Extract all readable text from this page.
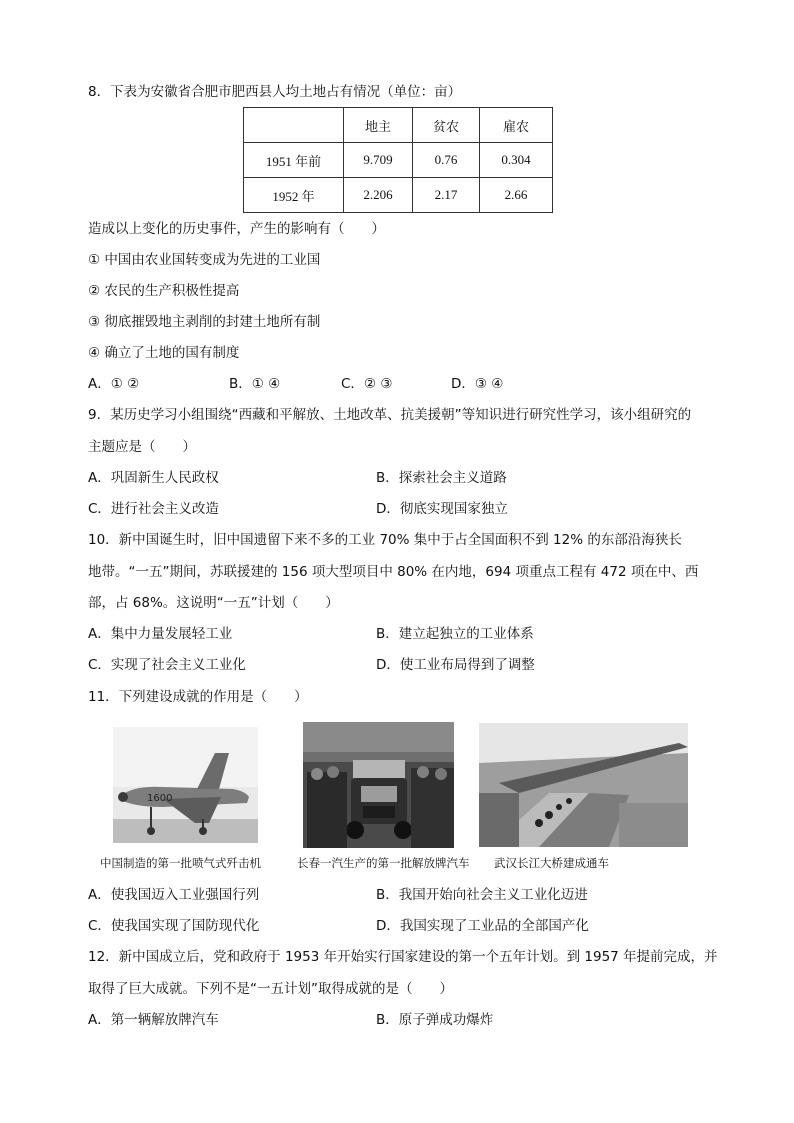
8．下表为安徽省合肥市肥西县人均土地占有情况（单位：亩）
	地主	贫农	雇农
1951 年前	9.709	0.76	0.304
1952 年	2.206	2.17	2.66
造成以上变化的历史事件，产生的影响有（　　）
① 中国由农业国转变成为先进的工业国
② 农民的生产积极性提高
③ 彻底摧毁地主剥削的封建土地所有制
④ 确立了土地的国有制度
A．① ②	B．① ④	C．② ③	D．③ ④
9．某历史学习小组围绕“西藏和平解放、土地改革、抗美援朝”等知识进行研究性学习，该小组研究的
主题应是（　　）
A．巩固新生人民政权	B．探索社会主义道路
C．进行社会主义改造	D．彻底实现国家独立
10．新中国诞生时，旧中国遗留下来不多的工业 70% 集中于占全国面积不到 12% 的东部沿海狭长
地带。“一五”期间，苏联援建的 156 项大型项目中 80% 在内地，694 项重点工程有 472 项在中、西
部，占 68%。这说明“一五”计划（　　）
A．集中力量发展轻工业	B．建立起独立的工业体系
C．实现了社会主义工业化	D．使工业布局得到了调整
11．下列建设成就的作用是（　　）
1600
中国制造的第一批喷气式歼击机	长春一汽生产的第一批解放牌汽车 武汉长江大桥建成通车
A．使我国迈入工业强国行列	B．我国开始向社会主义工业化迈进
C．使我国实现了国防现代化	D．我国实现了工业品的全部国产化
12．新中国成立后，党和政府于 1953 年开始实行国家建设的第一个五年计划。到 1957 年提前完成，并
取得了巨大成就。下列不是“一五计划”取得成就的是（　　）
A．第一辆解放牌汽车	B．原子弹成功爆炸
